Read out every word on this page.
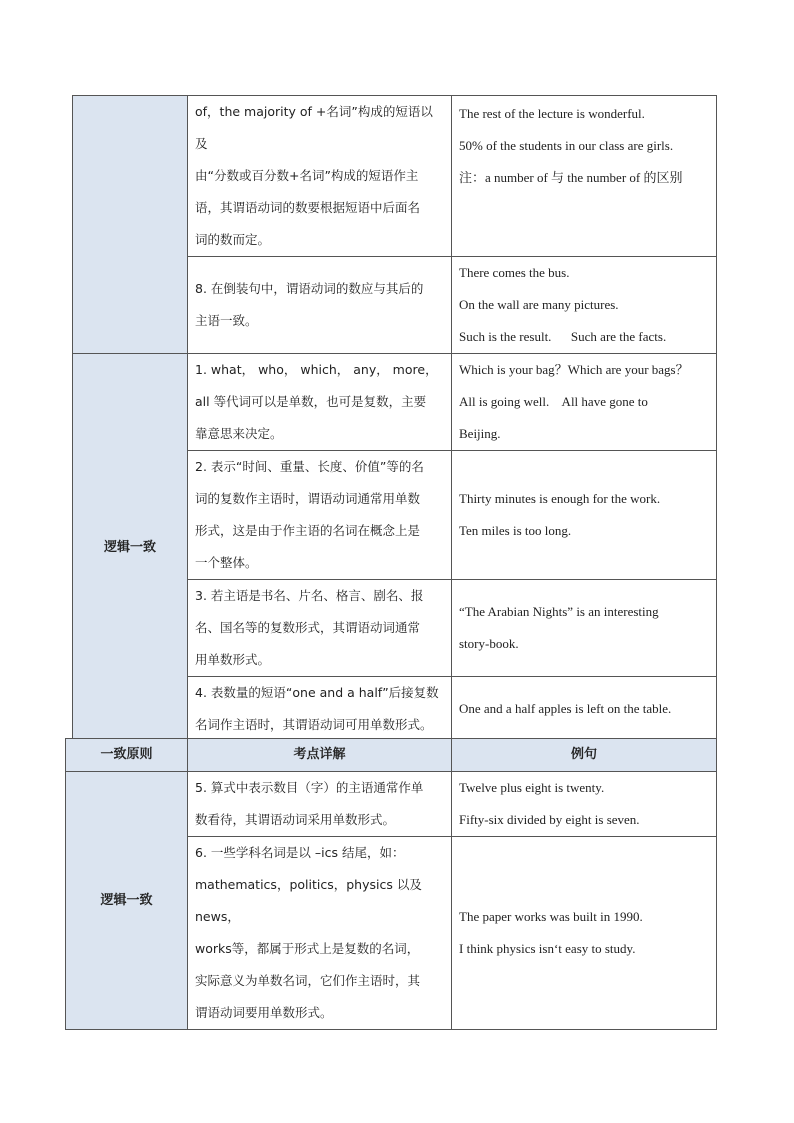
	of，the majority of +名词”构成的短语以及
由“分数或百分数+名词”构成的短语作主
语，其谓语动词的数要根据短语中后面名
词的数而定。	The rest of the lecture is wonderful.
50% of the students in our class are girls.
注：a number of 与 the number of 的区别

	8. 在倒装句中，谓语动词的数应与其后的
主语一致。	There comes the bus.
On the wall are many pictures.
Such is the result.      Such are the facts.

逻辑一致	1. what， who， which， any， more，
all 等代词可以是单数，也可是复数，主要
靠意思来决定。	Which is your bag？Which are your bags？
All is going well.    All have gone to
Beijing.

	2. 表示“时间、重量、长度、价值”等的名
词的复数作主语时，谓语动词通常用单数
形式，这是由于作主语的名词在概念上是
一个整体。	Thirty minutes is enough for the work.
Ten miles is too long.

	3. 若主语是书名、片名、格言、剧名、报
名、国名等的复数形式，其谓语动词通常
用单数形式。	“The Arabian Nights” is an interesting
story-book.

	4. 表数量的短语“one and a half”后接复数
名词作主语时，其谓语动词可用单数形式。	One and a half apples is left on the table.
一致原则	考点详解	例句
逻辑一致	5. 算式中表示数目（字）的主语通常作单
数看待，其谓语动词采用单数形式。	Twelve plus eight is twenty.
Fifty-six divided by eight is seven.

	6. 一些学科名词是以 –ics 结尾，如：
mathematics，politics，physics 以及 news，
works等，都属于形式上是复数的名词，
实际意义为单数名词，它们作主语时，其
谓语动词要用单数形式。	The paper works was built in 1990.
I think physics isn‘t easy to study.
